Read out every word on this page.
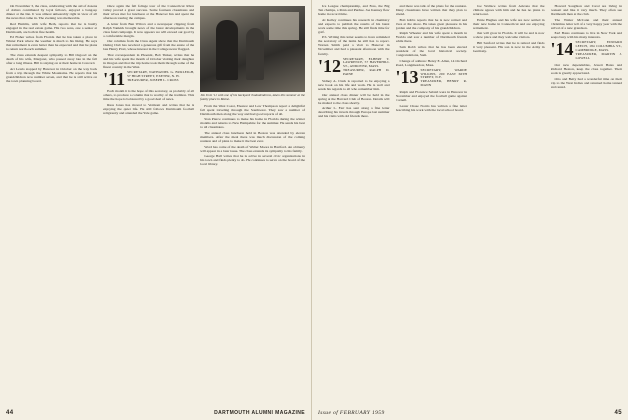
On November 3, the class, celebrating with the aid of dozens of dollars contributed by loyal fellows, enjoyed a bang-up dinner at the Inn. It was almost unbearably right in view of all the news that came in. The evening was memorable.

Red Hamlin, with wife Beth, reports that he is busily engaged in the real estate game. His two sons, one a senior at Dartmouth, are both in fine health.

Ed Fisher writes from Florida that he has taken a place in Winter Park where the weather is much to his liking. He says that retirement is even better than he expected and that he plans to return north each summer.

The class extends deepest sympathy to Bill Osgood on the death of his wife, Margaret, who passed away late in the fall after a long illness. Bill is staying on at their home in Concord.

Art Lewis stopped by Hanover in October on the way back from a trip through the White Mountains. He reports that his grandchildren now number seven, and that he is still active on the town planning board.

Once again the fall foliage tour of the Connecticut River valley proved a great success. Some fourteen classmates and their wives met for luncheon at the Hanover Inn and spent the afternoon touring the campus.

A letter from Ben Wilcox and a newspaper clipping from Ralph Vankirk brought news of the latest developments in the class fund campaign. It now appears we will exceed our goal by a comfortable margin.

Our columns from the Class Agent show that the Dartmouth Outing Club has received a generous gift from the estate of the late Henry Pratt, whose interest in the College never flagged.

That correspondent in Phoenix, Bob Tinker, writes that he and his wife spent the month of October visiting their daughter in Oregon and that the trip home took them through some of the finest country in the West.

'11 SECRETARY, NATHANIEL G. BURLEIGH, 57 HIGH STREET, EXETER, N. H.
TREASURER, JOSEPH L. CROSS

Each month it is the hope of this secretary, as probably of all others, to produce a column that is worthy of the tradition. This time the hope is bolstered by a good deal of news.

Russ Jones has moved to Vermont and writes that he is enjoying the quiet life. He still follows Dartmouth football religiously and attended the Yale game.

Jim Irvin '11 with one of his backyard rhododendrons, taken this summer at the family place in Maine.

From the West Coast, Eleanor and Lew Thompson report a delightful fall spent traveling through the Southwest. They saw a number of Dartmouth men along the way and had good reports of all.

Stan Pierce continues to make his home in Florida during the winter months and returns to New Hampshire for the summer. He sends his best to all classmates.

The annual class luncheon held in Boston was attended by eleven members. After the meal there was much discussion of the coming reunion and of plans to make it the best ever.

Word has come of the death of Walter Moore in Hartford. An obituary will appear in a later issue. The class extends its sympathy to his family.

George Hall writes that he is active in several civic organizations in his town and finds plenty to do. He continues to serve on the board of the local library.

44	DARTMOUTH ALUMNI MAGAZINE

Ice League championship, and Fess, the Big Ten champs, a Penn and Purdue. Joe Kenney flew home in record time.

Al Kelley continues his research in chemistry and expects to publish the results of his latest work some time this spring. He still finds time for golf.

P.S. Writing this letter seems to have reminded the secretary of the items he still has to report. Warren Smith paid a visit to Hanover in November and had a pleasant afternoon with the faculty.

'12 SECRETARY, ELBERT T. LAWRENCE, 57 HAVERHILL ST., ANDOVER, MASS.
TREASURER, RALPH D. PAINE

Sidney A. Clark is reported to be enjoying a new book on his life and work. He is well and sends his regards to all who remember him.

Our annual class dinner will be held in the spring at the Harvard Club of Boston. Details will be mailed to the class shortly.

Arthur L. Farr has sent along a fine letter describing his travels through Europe last summer and his visits with old friends there.

and there was talk of the plans for the reunion. Many classmates have written that they plan to attend.

Bob Gibbs reports that he is now retired and lives at the shore. He takes great pleasure in his garden and the company of his grandchildren.

Ralph Wheeler and his wife spent a month in Florida and saw a number of Dartmouth friends while there.

Sam Robb writes that he has been elected president of the local historical society. Congratulations, Sam.

Change of address: Henry E. Allen, 14 Orchard Road, Longmeadow, Mass.

'13 SECRETARY, WARDE WILKINS, 200 EAST 66TH STREET, N.Y.
TREASURER, HENRY R. MANN

Ralph and Florence Sebald were in Hanover in November and enjoyed the football game against Cornell.

Lester Chase Norris has written a fine letter describing his work with the local school board.

Joe Wallace writes from Arizona that the climate agrees with him and he has no plans to return east.

Ernie Hughes and his wife are now settled in their new home in Connecticut and are enjoying retirement.

that will grow in Florida. It will be and is now a show place and they welcome visitors.

Bill Sanford writes that he is retired and finds it very pleasant. His son is now in the Army in Germany.

Howard Soughton and Carol are living in Gansett and like it very much. They often see Dartmouth men at the club.

The Walter McCann and their annual Christmas letter tell of a very happy year with the arrival of a new grandson.

Earl Bates continues to live in New York and keeps busy with his many interests.

'14 SECRETARY, EDWARD LEECH, 184 COLUMBIA ST., CAMBRIDGE, MASS.
TREASURER, MARTIN J. LOWELL

Our new dependables, Jewett Bates and Richard Heaton, keep the class together. Their work is greatly appreciated.

Otto and Betty had a wonderful time on their trip to the West Indies and returned home tanned and rested.

Issue of FEBRUARY 1959	45
